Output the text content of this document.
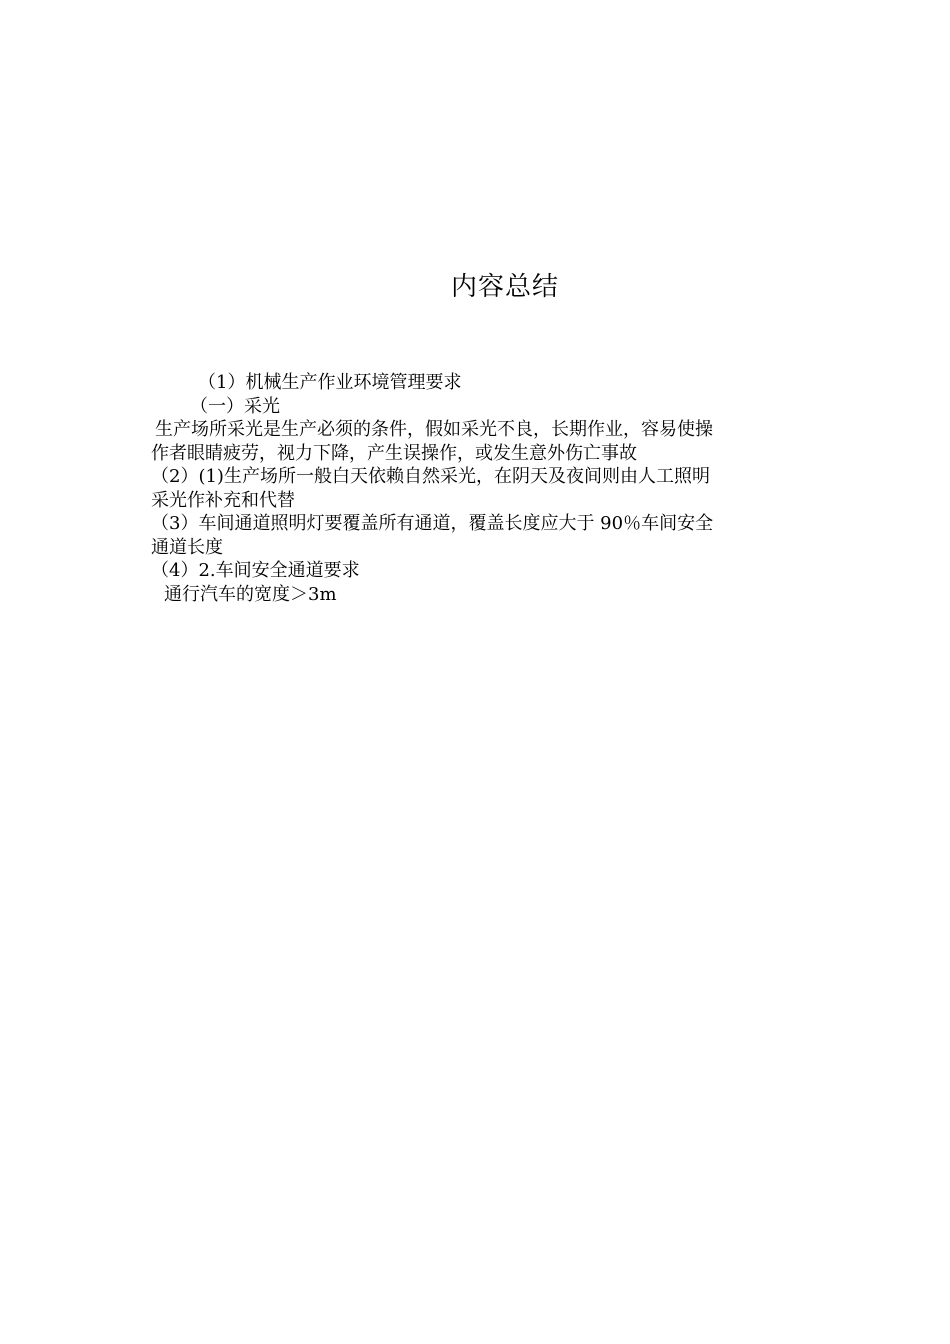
内容总结

（1）机械生产作业环境管理要求

（一）采光

生产场所采光是生产必须的条件，假如采光不良，长期作业，容易使操

作者眼睛疲劳，视力下降，产生误操作，或发生意外伤亡事故

（2）(1)生产场所一般白天依赖自然采光，在阴天及夜间则由人工照明

采光作补充和代替

（3）车间通道照明灯要覆盖所有通道，覆盖长度应大于 90％车间安全

通道长度

（4）2.车间安全通道要求

通行汽车的宽度＞3m
